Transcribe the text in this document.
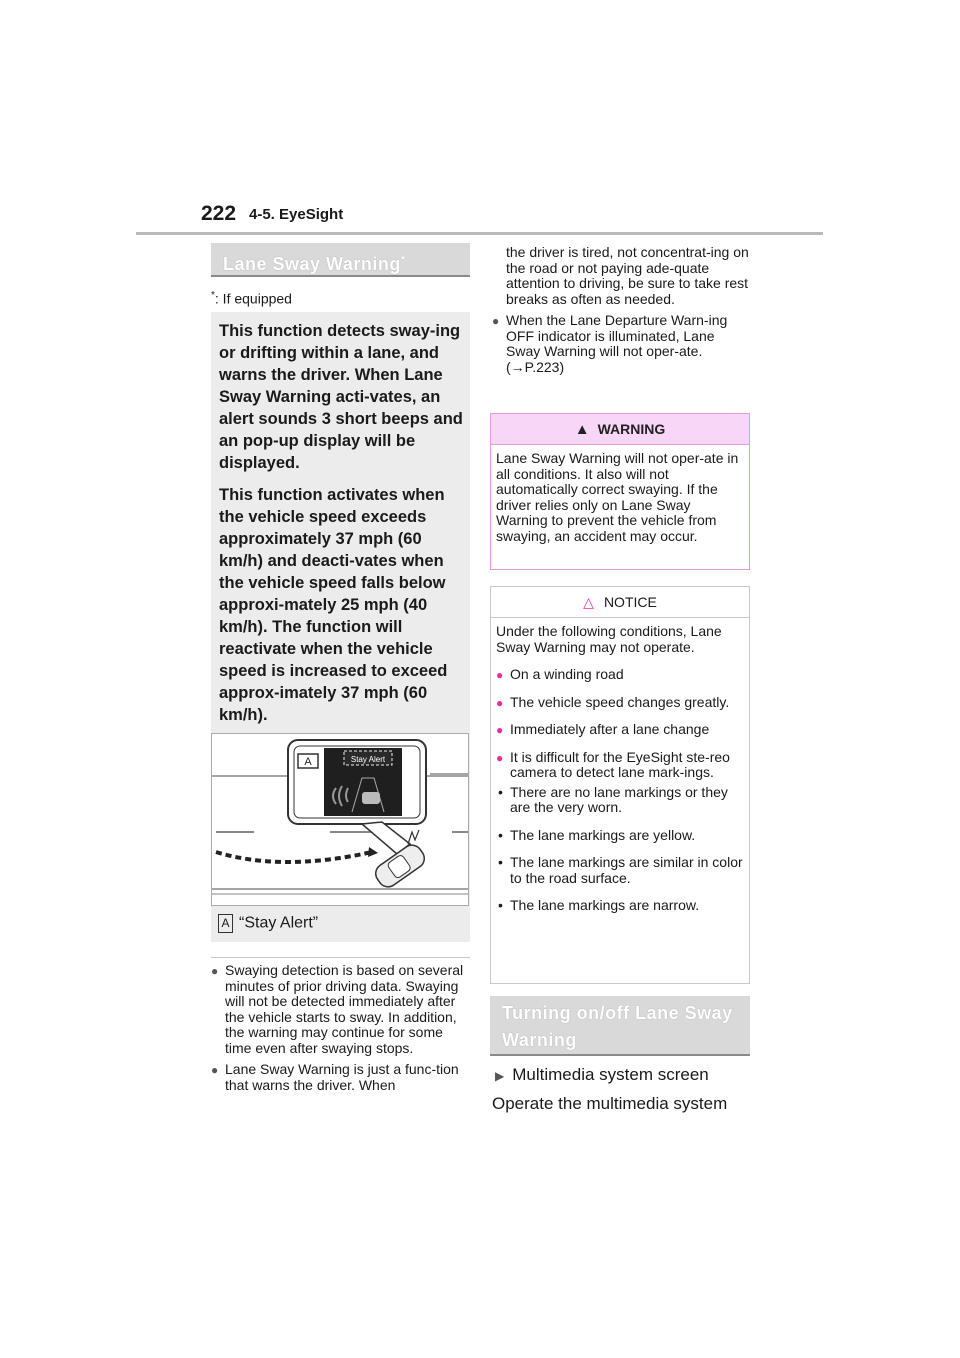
222 4-5. EyeSight
Lane Sway Warning*
*: If equipped

This function detects sway-ing or drifting within a lane, and warns the driver. When Lane Sway Warning acti-vates, an alert sounds 3 short beeps and an pop-up display will be displayed.

This function activates when the vehicle speed exceeds approximately 37 mph (60 km/h) and deacti-vates when the vehicle speed falls below approxi-mately 25 mph (40 km/h). The function will reactivate when the vehicle speed is increased to exceed approx-imately 37 mph (60 km/h).

Stay Alert
A
A “Stay Alert”
● Swaying detection is based on several minutes of prior driving data. Swaying will not be detected immediately after the vehicle starts to sway. In addition, the warning may continue for some time even after swaying stops.
● Lane Sway Warning is just a func-tion that warns the driver. When
the driver is tired, not concentrat-ing on the road or not paying ade-quate attention to driving, be sure to take rest breaks as often as needed.
● When the Lane Departure Warn-ing OFF indicator is illuminated, Lane Sway Warning will not oper-ate. (→P.223)
▲ WARNING
Lane Sway Warning will not oper-ate in all conditions. It also will not automatically correct swaying. If the driver relies only on Lane Sway Warning to prevent the vehicle from swaying, an accident may occur.
△ NOTICE
Under the following conditions, Lane Sway Warning may not operate.
● On a winding road
● The vehicle speed changes greatly.
● Immediately after a lane change
● It is difficult for the EyeSight ste-reo camera to detect lane mark-ings.
• There are no lane markings or they are the very worn.
• The lane markings are yellow.
• The lane markings are similar in color to the road surface.
• The lane markings are narrow.
Turning on/off Lane Sway Warning
▶ Multimedia system screen
Operate the multimedia system
